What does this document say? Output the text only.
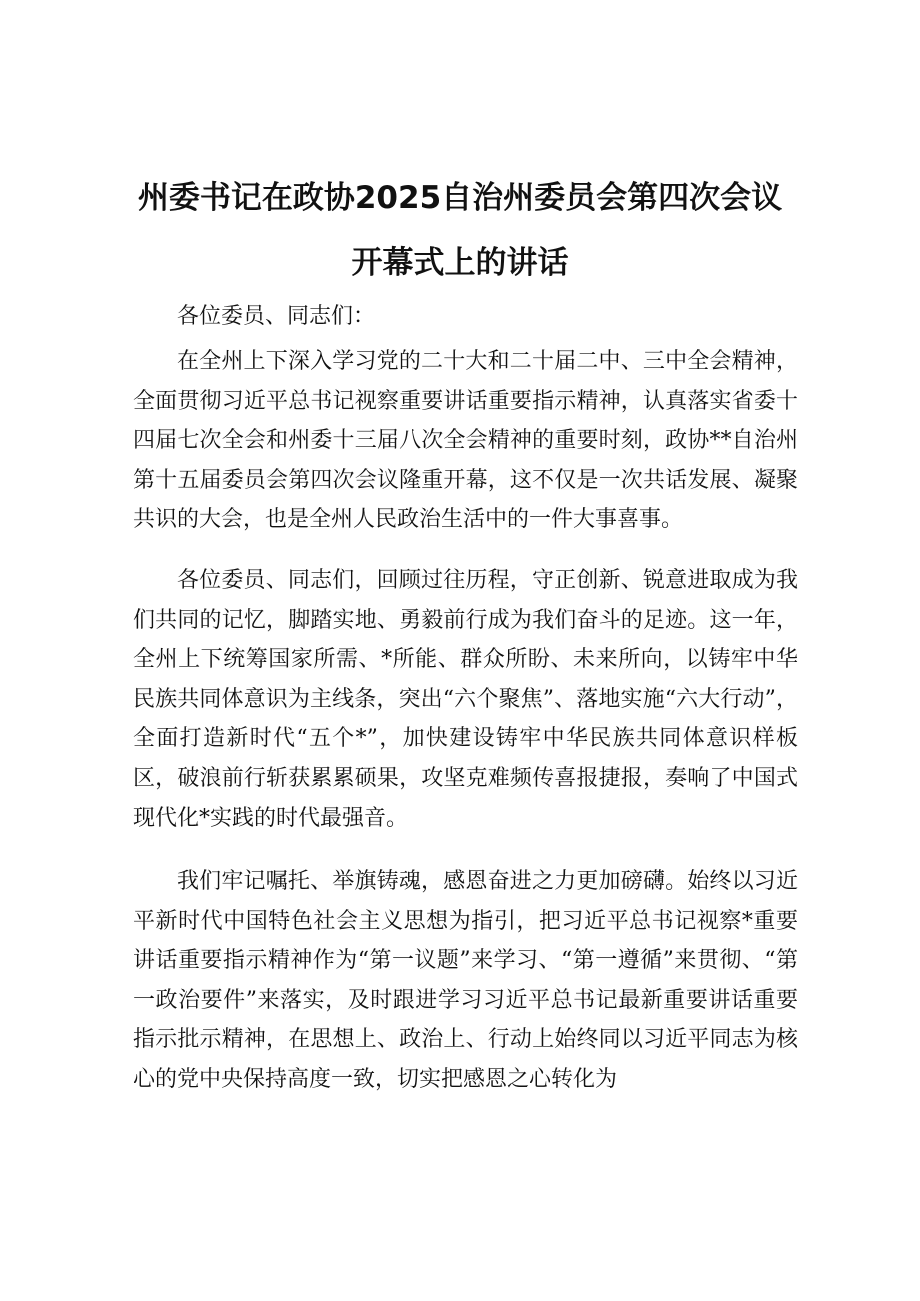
州委书记在政协2025自治州委员会第四次会议
开幕式上的讲话

各位委员、同志们：

在全州上下深入学习党的二十大和二十届二中、三中全会精神，全面贯彻习近平总书记视察重要讲话重要指示精神，认真落实省委十四届七次全会和州委十三届八次全会精神的重要时刻，政协**自治州第十五届委员会第四次会议隆重开幕，这不仅是一次共话发展、凝聚共识的大会，也是全州人民政治生活中的一件大事喜事。

各位委员、同志们，回顾过往历程，守正创新、锐意进取成为我们共同的记忆，脚踏实地、勇毅前行成为我们奋斗的足迹。这一年，全州上下统筹国家所需、*所能、群众所盼、未来所向，以铸牢中华民族共同体意识为主线条，突出“六个聚焦”、落地实施“六大行动”，全面打造新时代“五个*”，加快建设铸牢中华民族共同体意识样板区，破浪前行斩获累累硕果，攻坚克难频传喜报捷报，奏响了中国式现代化*实践的时代最强音。

我们牢记嘱托、举旗铸魂，感恩奋进之力更加磅礴。始终以习近平新时代中国特色社会主义思想为指引，把习近平总书记视察*重要讲话重要指示精神作为“第一议题”来学习、“第一遵循”来贯彻、“第一政治要件”来落实，及时跟进学习习近平总书记最新重要讲话重要指示批示精神，在思想上、政治上、行动上始终同以习近平同志为核心的党中央保持高度一致，切实把感恩之心转化为
